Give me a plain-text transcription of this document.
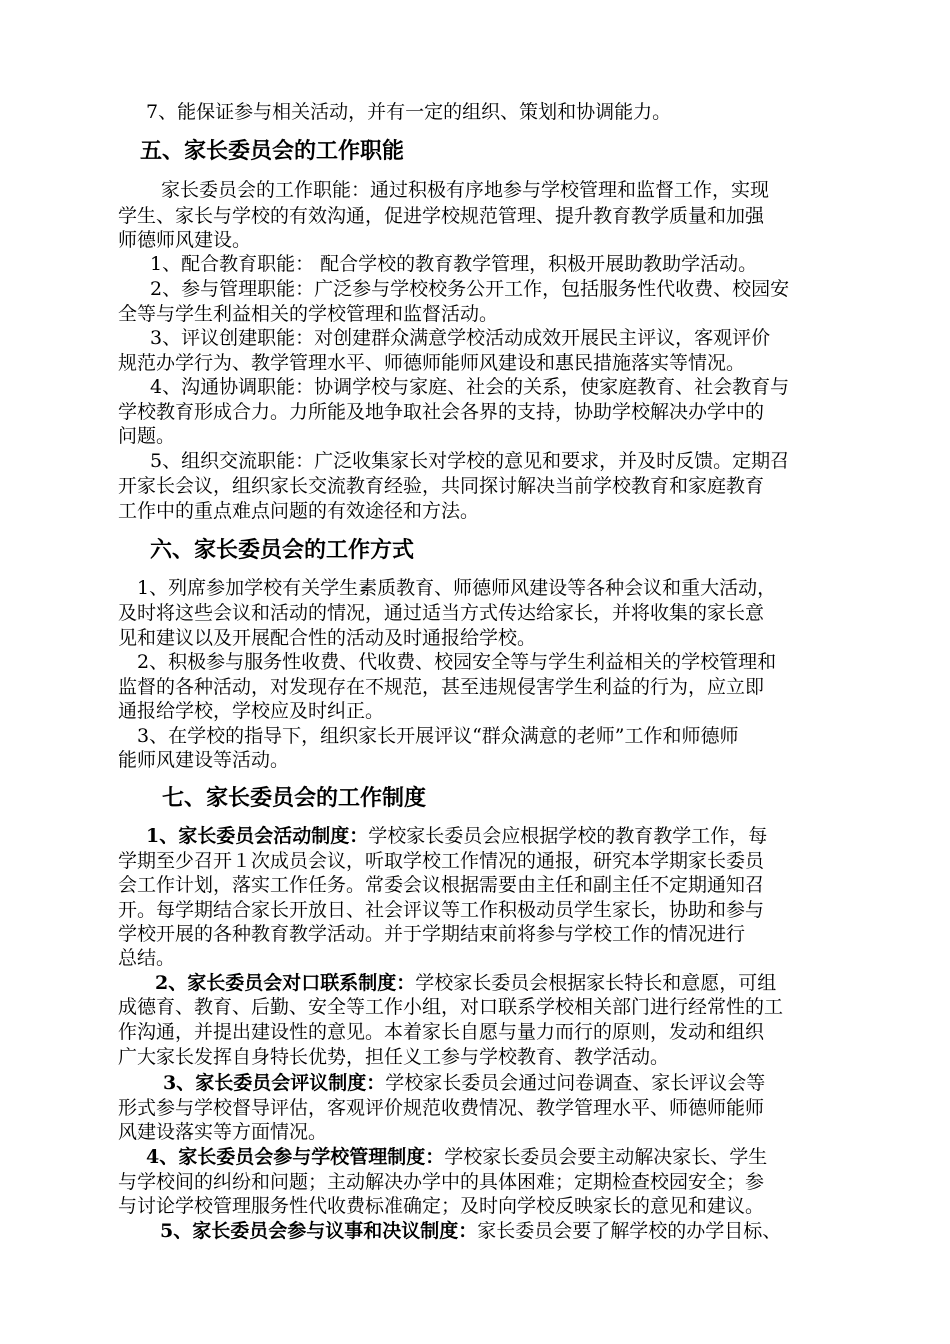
7、能保证参与相关活动，并有一定的组织、策划和协调能力。

五、家长委员会的工作职能

家长委员会的工作职能：通过积极有序地参与学校管理和监督工作，实现

学生、家长与学校的有效沟通，促进学校规范管理、提升教育教学质量和加强

师德师风建设。

1、配合教育职能： 配合学校的教育教学管理，积极开展助教助学活动。

2、参与管理职能：广泛参与学校校务公开工作，包括服务性代收费、校园安

全等与学生利益相关的学校管理和监督活动。

3、评议创建职能：对创建群众满意学校活动成效开展民主评议，客观评价

规范办学行为、教学管理水平、师德师能师风建设和惠民措施落实等情况。

4、沟通协调职能：协调学校与家庭、社会的关系，使家庭教育、社会教育与

学校教育形成合力。力所能及地争取社会各界的支持，协助学校解决办学中的

问题。

5、组织交流职能：广泛收集家长对学校的意见和要求，并及时反馈。定期召

开家长会议，组织家长交流教育经验，共同探讨解决当前学校教育和家庭教育

工作中的重点难点问题的有效途径和方法。

六、家长委员会的工作方式

1、列席参加学校有关学生素质教育、师德师风建设等各种会议和重大活动，

及时将这些会议和活动的情况，通过适当方式传达给家长，并将收集的家长意

见和建议以及开展配合性的活动及时通报给学校。

2、积极参与服务性收费、代收费、校园安全等与学生利益相关的学校管理和

监督的各种活动，对发现存在不规范，甚至违规侵害学生利益的行为，应立即

通报给学校，学校应及时纠正。

3、在学校的指导下，组织家长开展评议“群众满意的老师”工作和师德师

能师风建设等活动。

七、家长委员会的工作制度

1、家长委员会活动制度：学校家长委员会应根据学校的教育教学工作，每

学期至少召开１次成员会议，听取学校工作情况的通报，研究本学期家长委员

会工作计划，落实工作任务。常委会议根据需要由主任和副主任不定期通知召

开。每学期结合家长开放日、社会评议等工作积极动员学生家长，协助和参与

学校开展的各种教育教学活动。并于学期结束前将参与学校工作的情况进行

总结。

2、家长委员会对口联系制度：学校家长委员会根据家长特长和意愿，可组

成德育、教育、后勤、安全等工作小组，对口联系学校相关部门进行经常性的工

作沟通，并提出建设性的意见。本着家长自愿与量力而行的原则，发动和组织

广大家长发挥自身特长优势，担任义工参与学校教育、教学活动。

3、家长委员会评议制度：学校家长委员会通过问卷调查、家长评议会等

形式参与学校督导评估，客观评价规范收费情况、教学管理水平、师德师能师

风建设落实等方面情况。

4、家长委员会参与学校管理制度：学校家长委员会要主动解决家长、学生

与学校间的纠纷和问题；主动解决办学中的具体困难；定期检查校园安全；参

与讨论学校管理服务性代收费标准确定；及时向学校反映家长的意见和建议。

5、家长委员会参与议事和决议制度：家长委员会要了解学校的办学目标、
